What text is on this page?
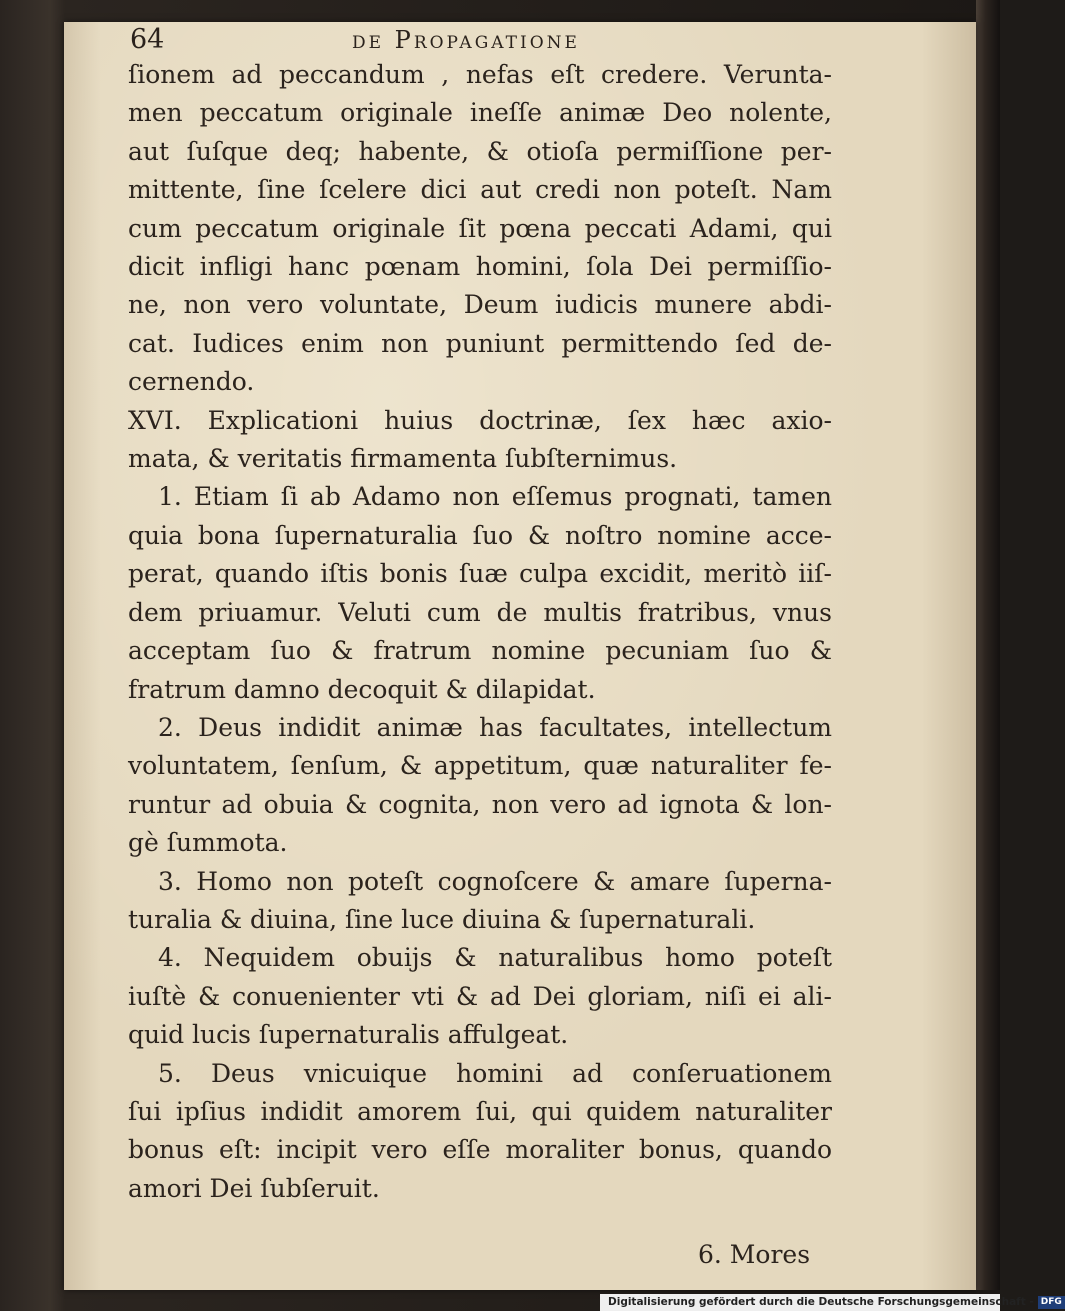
64	de Propagatione
ſionem ad peccandum , nefas eſt credere. Verunta-
men peccatum originale ineſſe animæ Deo nolente,
aut ſuſque deq; habente, & otioſa permiſſione per-
mittente, ſine ſcelere dici aut credi non poteſt. Nam
cum peccatum originale ſit pœna peccati Adami, qui
dicit infligi hanc pœnam homini, ſola Dei permiſſio-
ne, non vero voluntate, Deum iudicis munere abdi-
cat. Iudices enim non puniunt permittendo ſed de-
cernendo.
XVI. Explicationi huius doctrinæ, ſex hæc axio-
mata, & veritatis firmamenta ſubſternimus.
1. Etiam ſi ab Adamo non eſſemus prognati, tamen
quia bona ſupernaturalia ſuo & noſtro nomine acce-
perat, quando iſtis bonis ſuæ culpa excidit, meritò iiſ-
dem priuamur. Veluti cum de multis fratribus, vnus
acceptam ſuo & fratrum nomine pecuniam ſuo &
fratrum damno decoquit & dilapidat.
2. Deus indidit animæ has facultates, intellectum
voluntatem, ſenſum, & appetitum, quæ naturaliter fe-
runtur ad obuia & cognita, non vero ad ignota & lon-
gè ſummota.
3. Homo non poteſt cognoſcere & amare ſuperna-
turalia & diuina, ſine luce diuina & ſupernaturali.
4. Nequidem obuijs & naturalibus homo poteſt
iuſtè & conuenienter vti & ad Dei gloriam, niſi ei ali-
quid lucis ſupernaturalis affulgeat.
5. Deus vnicuique homini ad conſeruationem
ſui ipſius indidit amorem ſui, qui quidem naturaliter
bonus eſt: incipit vero eſſe moraliter bonus, quando
amori Dei ſubſeruit.
6. Mores
Digitalisierung gefördert durch die Deutsche Forschungsgemeinschaft - DFG
